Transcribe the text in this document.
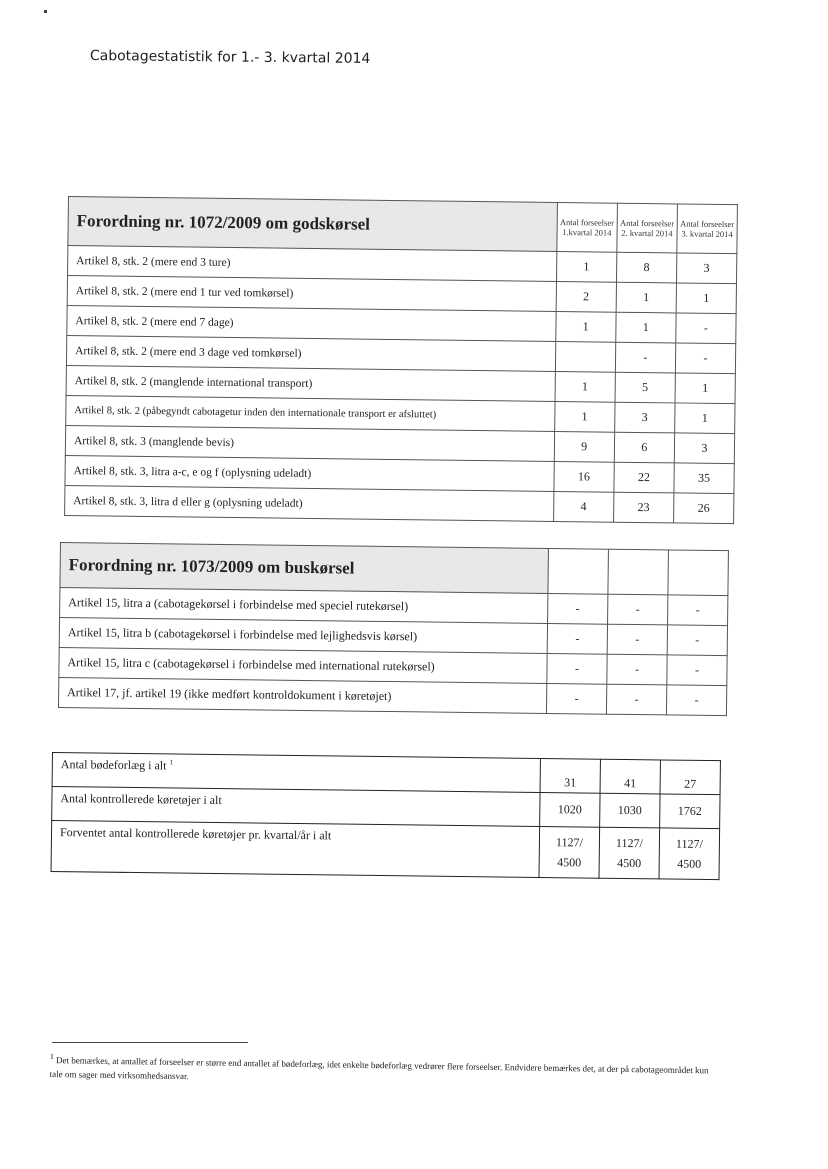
Cabotagestatistik for 1.- 3. kvartal 2014
Forordning nr. 1072/2009 om godskørsel	Antal forseelser 1.kvartal 2014	Antal forseelser 2. kvartal 2014	Antal forseelser 3. kvartal 2014
Artikel 8, stk. 2 (mere end 3 ture)	1	8	3
Artikel 8, stk. 2 (mere end 1 tur ved tomkørsel)	2	1	1
Artikel 8, stk. 2 (mere end 7 dage)	1	1	-
Artikel 8, stk. 2 (mere end 3 dage ved tomkørsel)		-	-
Artikel 8, stk. 2 (manglende international transport)	1	5	1
Artikel 8, stk. 2 (påbegyndt cabotagetur inden den internationale transport er afsluttet)	1	3	1
Artikel 8, stk. 3 (manglende bevis)	9	6	3
Artikel 8, stk. 3, litra a-c, e og f (oplysning udeladt)	16	22	35
Artikel 8, stk. 3, litra d eller g (oplysning udeladt)	4	23	26
Forordning nr. 1073/2009 om buskørsel			
Artikel 15, litra a (cabotagekørsel i forbindelse med speciel rutekørsel)	-	-	-
Artikel 15, litra b (cabotagekørsel i forbindelse med lejlighedsvis kørsel)	-	-	-
Artikel 15, litra c (cabotagekørsel i forbindelse med international rutekørsel)	-	-	-
Artikel 17, jf. artikel 19 (ikke medført kontroldokument i køretøjet)	-	-	-
Antal bødeforlæg i alt $^1$	31	41	27
Antal kontrollerede køretøjer i alt	1020	1030	1762
Forventet antal kontrollerede køretøjer pr. kvartal/år i alt	1127/ 4500	1127/ 4500	1127/ 4500
$^1$ Det bemærkes, at antallet af forseelser er større end antallet af bødeforlæg, idet enkelte bødeforlæg vedrører flere forseelser. Endvidere bemærkes det, at der på cabotageområdet kun tale om sager med virksomhedsansvar.
